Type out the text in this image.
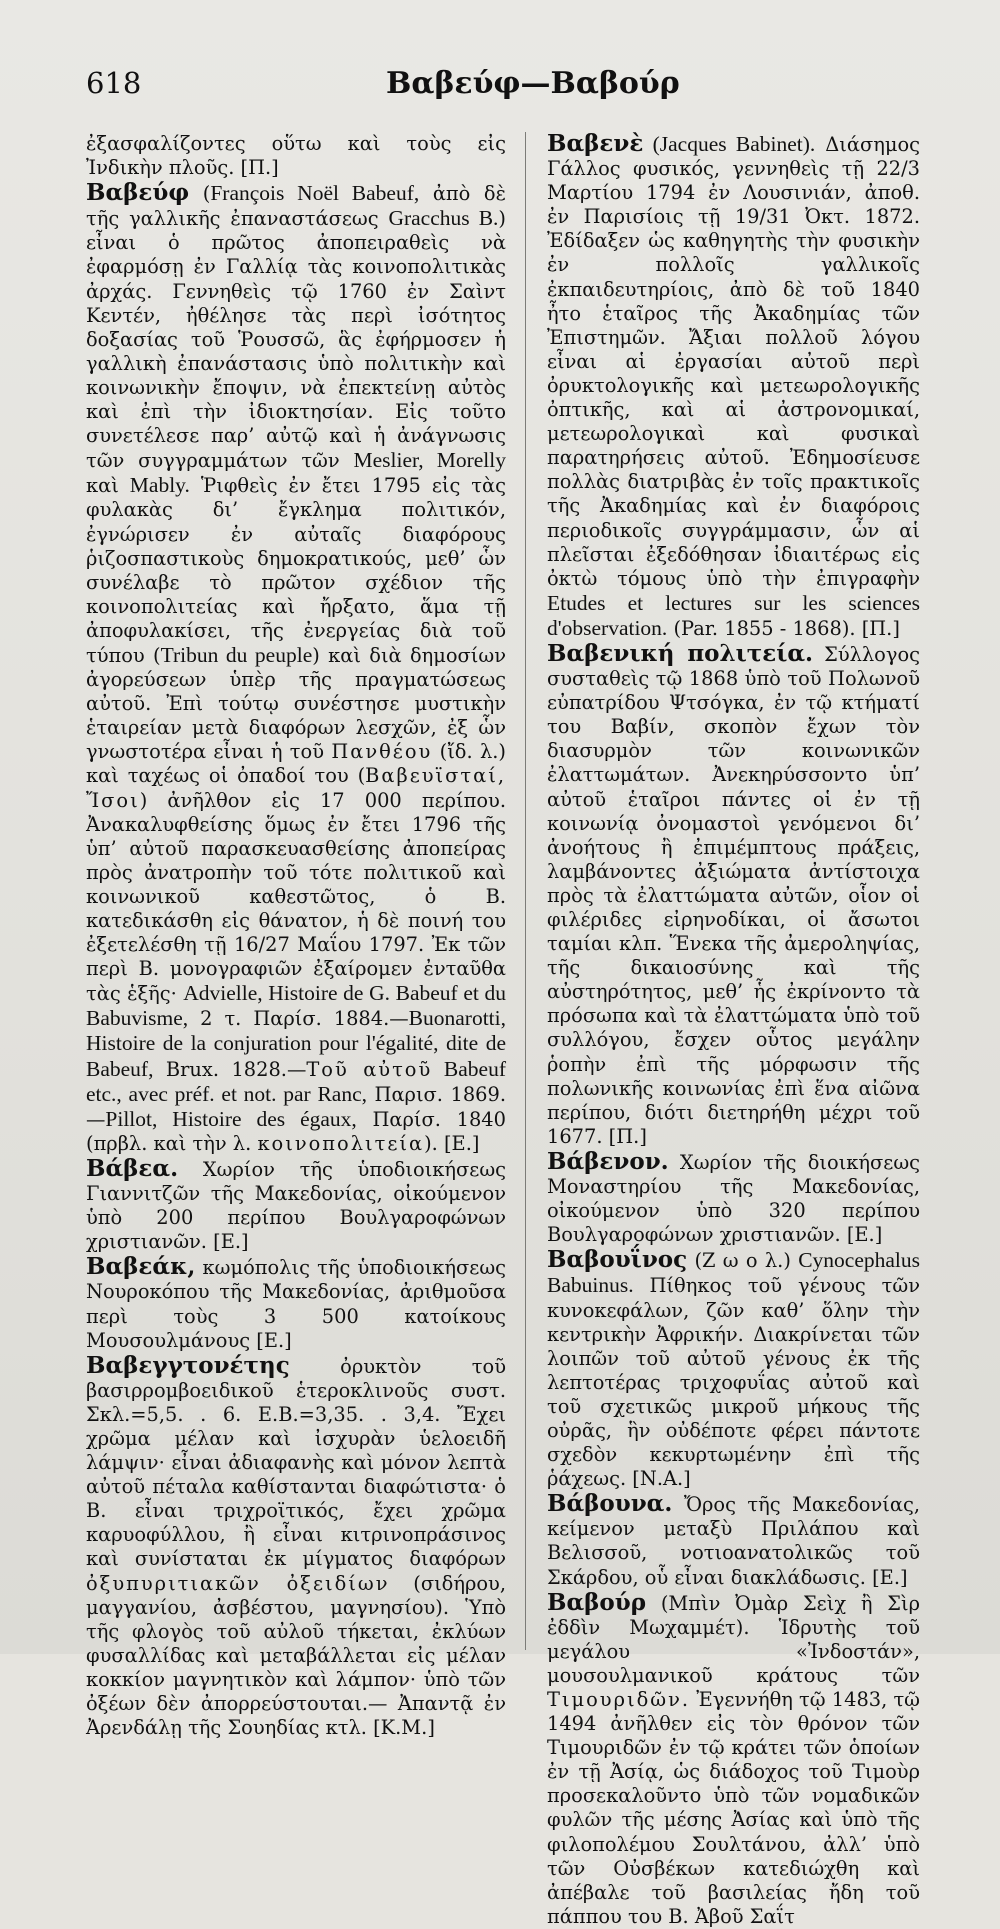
618	Βαβεύφ—Βαβούρ

ἐξασφαλίζοντες οὕτω καὶ τοὺς εἰς Ἰνδικὴν πλοῦς. [Π.]

Βαβεύφ (François Noël Babeuf, ἀπὸ δὲ τῆς γαλλικῆς ἐπαναστάσεως Gracchus B.) εἶναι ὁ πρῶτος ἀποπειραθεὶς νὰ ἐφαρμόσῃ ἐν Γαλλίᾳ τὰς κοινοπολιτικὰς ἀρχάς. Γεννηθεὶς τῷ 1760 ἐν Σαὶντ Κεντέν, ἠθέλησε τὰς περὶ ἰσότητος δοξασίας τοῦ Ῥουσσῶ, ἃς ἐφήρμοσεν ἡ γαλλικὴ ἐπανάστασις ὑπὸ πολιτικὴν καὶ κοινωνικὴν ἔποψιν, νὰ ἐπεκτείνῃ αὐτὸς καὶ ἐπὶ τὴν ἰδιοκτησίαν. Εἰς τοῦτο συνετέλεσε παρ’ αὐτῷ καὶ ἡ ἀνάγνωσις τῶν συγγραμμάτων τῶν Meslier, Morelly καὶ Mably. Ῥιφθεὶς ἐν ἔτει 1795 εἰς τὰς φυλακὰς δι’ ἔγκλημα πολιτικόν, ἐγνώρισεν ἐν αὐταῖς διαφόρους ῥιζοσπαστικοὺς δημοκρατικούς, μεθ’ ὧν συνέλαβε τὸ πρῶτον σχέδιον τῆς κοινοπολιτείας καὶ ἤρξατο, ἅμα τῇ ἀποφυλακίσει, τῆς ἐνεργείας διὰ τοῦ τύπου (Tribun du peuple) καὶ διὰ δημοσίων ἀγορεύσεων ὑπὲρ τῆς πραγματώσεως αὐτοῦ. Ἐπὶ τούτῳ συνέστησε μυστικὴν ἑταιρείαν μετὰ διαφόρων λεσχῶν, ἐξ ὧν γνωστοτέρα εἶναι ἡ τοῦ Πανθέου (ἴδ. λ.) καὶ ταχέως οἱ ὀπαδοί του (Βαβευϊσταί, Ἴσοι) ἀνῆλθον εἰς 17 000 περίπου. Ἀνακαλυφθείσης ὅμως ἐν ἔτει 1796 τῆς ὑπ’ αὐτοῦ παρασκευασθείσης ἀποπείρας πρὸς ἀνατροπὴν τοῦ τότε πολιτικοῦ καὶ κοινωνικοῦ καθεστῶτος, ὁ Β. κατεδικάσθη εἰς θάνατον, ἡ δὲ ποινή του ἐξετελέσθη τῇ 16/27 Μαΐου 1797. Ἐκ τῶν περὶ Β. μονογραφιῶν ἐξαίρομεν ἐνταῦθα τὰς ἑξῆς· Advielle, Histoire de G. Babeuf et du Babuvisme, 2 τ. Παρίσ. 1884.—Buonarotti, Histoire de la conjuration pour l'égalité, dite de Babeuf, Βrux. 1828.—Τοῦ αὐτοῦ Babeuf etc., avec préf. et not. par Ranc, Παρισ. 1869.—Pillot, Histoire des égaux, Παρίσ. 1840 (πρβλ. καὶ τὴν λ. κοινοπολιτεία). [Ε.]

Βάβεα. Χωρίον τῆς ὑποδιοικήσεως Γιαννιτζῶν τῆς Μακεδονίας, οἰκούμενον ὑπὸ 200 περίπου Βουλγαροφώνων χριστιανῶν. [Ε.]

Βαβεάκ, κωμόπολις τῆς ὑποδιοικήσεως Νουροκόπου τῆς Μακεδονίας, ἀριθμοῦσα περὶ τοὺς 3 500 κατοίκους Μουσουλμάνους [Ε.]

Βαβεγγτονέτης ὀρυκτὸν τοῦ βασιρρομβοειδικοῦ ἑτεροκλινοῦς συστ. Σκλ.=5,5. . 6. Ε.Β.=3,35. . 3,4. Ἔχει χρῶμα μέλαν καὶ ἰσχυρὰν ὑελοειδῆ λάμψιν· εἶναι ἀδιαφανὴς καὶ μόνον λεπτὰ αὐτοῦ πέταλα καθίστανται διαφώτιστα· ὁ Β. εἶναι τριχροϊτικός, ἔχει χρῶμα καρυοφύλλου, ἢ εἶναι κιτρινοπράσινος καὶ συνίσταται ἐκ μίγματος διαφόρων ὀξυπυριτιακῶν ὀξειδίων (σιδήρου, μαγγανίου, ἀσβέστου, μαγνησίου). Ὑπὸ τῆς φλογὸς τοῦ αὐλοῦ τήκεται, ἐκλύων φυσαλλίδας καὶ μεταβάλλεται εἰς μέλαν κοκκίον μαγνητικὸν καὶ λάμπον· ὑπὸ τῶν ὀξέων δὲν ἀπορρεύστουται.— Ἀπαντᾷ ἐν Ἀρενδάλῃ τῆς Σουηδίας κτλ. [Κ.Μ.]

Βαβενὲ (Jacques Babinet). Διάσημος Γάλλος φυσικός, γεννηθεὶς τῇ 22/3 Μαρτίου 1794 ἐν Λουσινιάν, ἀποθ. ἐν Παρισίοις τῇ 19/31 Ὀκτ. 1872. Ἐδίδαξεν ὡς καθηγητὴς τὴν φυσικὴν ἐν πολλοῖς γαλλικοῖς ἐκπαιδευτηρίοις, ἀπὸ δὲ τοῦ 1840 ἦτο ἑταῖρος τῆς Ἀκαδημίας τῶν Ἐπιστημῶν. Ἄξιαι πολλοῦ λόγου εἶναι αἱ ἐργασίαι αὐτοῦ περὶ ὀρυκτολογικῆς καὶ μετεωρολογικῆς ὀπτικῆς, καὶ αἱ ἀστρονομικαί, μετεωρολογικαὶ καὶ φυσικαὶ παρατηρήσεις αὐτοῦ. Ἐδημοσίευσε πολλὰς διατριβὰς ἐν τοῖς πρακτικοῖς τῆς Ἀκαδημίας καὶ ἐν διαφόροις περιοδικοῖς συγγράμμασιν, ὧν αἱ πλεῖσται ἐξεδόθησαν ἰδιαιτέρως εἰς ὀκτὼ τόμους ὑπὸ τὴν ἐπιγραφὴν Etudes et lectures sur les sciences d'observation. (Par. 1855 - 1868). [Π.]

Βαβενική πολιτεία. Σύλλογος συσταθεὶς τῷ 1868 ὑπὸ τοῦ Πολωνοῦ εὐπατρίδου Ψτσόγκα, ἐν τῷ κτήματί του Βαβίν, σκοπὸν ἔχων τὸν διασυρμὸν τῶν κοινωνικῶν ἐλαττωμάτων. Ἀνεκηρύσσοντο ὑπ’ αὐτοῦ ἑταῖροι πάντες οἱ ἐν τῇ κοινωνίᾳ ὀνομαστοὶ γενόμενοι δι’ ἀνοήτους ἢ ἐπιμέμπτους πράξεις, λαμβάνοντες ἀξιώματα ἀντίστοιχα πρὸς τὰ ἐλαττώματα αὐτῶν, οἷον οἱ φιλέριδες εἰρηνοδίκαι, οἱ ἄσωτοι ταμίαι κλπ. Ἕνεκα τῆς ἀμεροληψίας, τῆς δικαιοσύνης καὶ τῆς αὐστηρότητος, μεθ’ ἧς ἐκρίνοντο τὰ πρόσωπα καὶ τὰ ἐλαττώματα ὑπὸ τοῦ συλλόγου, ἔσχεν οὗτος μεγάλην ῥοπὴν ἐπὶ τῆς μόρφωσιν τῆς πολωνικῆς κοινωνίας ἐπὶ ἕνα αἰῶνα περίπου, διότι διετηρήθη μέχρι τοῦ 1677. [Π.]

Βάβενον. Χωρίον τῆς διοικήσεως Μοναστηρίου τῆς Μακεδονίας, οἰκούμενον ὑπὸ 320 περίπου Βουλγαροφώνων χριστιανῶν. [Ε.]

Βαβουΐνος (Ζ ω ο λ.) Cynocephalus Babuinus. Πίθηκος τοῦ γένους τῶν κυνοκεφάλων, ζῶν καθ’ ὅλην τὴν κεντρικὴν Ἀφρικήν. Διακρίνεται τῶν λοιπῶν τοῦ αὐτοῦ γένους ἐκ τῆς λεπτοτέρας τριχοφυΐας αὐτοῦ καὶ τοῦ σχετικῶς μικροῦ μήκους τῆς οὐρᾶς, ἣν οὐδέποτε φέρει πάντοτε σχεδὸν κεκυρτωμένην ἐπὶ τῆς ῥάχεως. [Ν.Α.]

Βάβουνα. Ὄρος τῆς Μακεδονίας, κείμενον μεταξὺ Πριλάπου καὶ Βελισσοῦ, νοτιοανατολικῶς τοῦ Σκάρδου, οὗ εἶναι διακλάδωσις. [Ε.]

Βαβούρ (Μπὶν Ὀμὰρ Σεὶχ ἢ Σὶρ ἐδδὶν Μωχαμμέτ). Ἱδρυτὴς τοῦ μεγάλου «Ἰνδοστάν», μουσουλμανικοῦ κράτους τῶν Τιμουριδῶν. Ἐγεννήθη τῷ 1483, τῷ 1494 ἀνῆλθεν εἰς τὸν θρόνον τῶν Τιμουριδῶν ἐν τῷ κράτει τῶν ὁποίων ἐν τῇ Ἀσίᾳ, ὡς διάδοχος τοῦ Τιμοὺρ προσεκαλοῦντο ὑπὸ τῶν νομαδικῶν φυλῶν τῆς μέσης Ἀσίας καὶ ὑπὸ τῆς φιλοπολέμου Σουλτάνου, ἀλλ’ ὑπὸ τῶν Οὐσβέκων κατεδιώχθη καὶ ἀπέβαλε τοῦ βασιλείας ἤδη τοῦ πάππου του Β. Ἀβοῦ Σαΐτ
